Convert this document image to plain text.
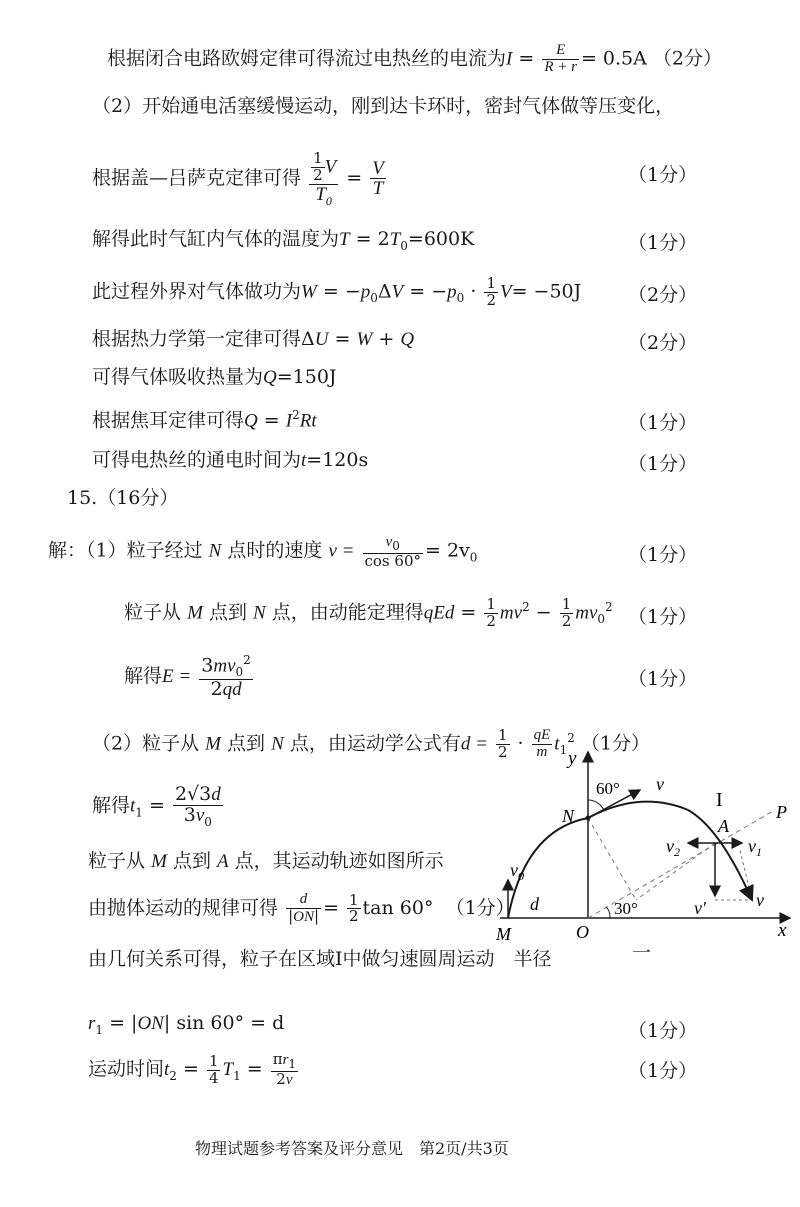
根据闭合电路欧姆定律可得流过电热丝的电流为$I = \frac{E}{R + r} = 0.5A$ （2分）
（2）开始通电活塞缓慢运动，刚到达卡环时，密封气体做等压变化，
根据盖—吕萨克定律可得 $\frac{\frac{1}{2} V}{T_0} = \frac{V}{T}$	（1分）
解得此时气缸内气体的温度为$T = 2T_0=600K$	（1分）
此过程外界对气体做功为$W = -p_0\Delta V = -p_0 \cdot \frac{1}{2} V= -50J$ （2分）
根据热力学第一定律可得ΔU = W + Q	（2分）
可得气体吸收热量为Q=150J
根据焦耳定律可得$Q = I^2Rt$	（1分）
可得电热丝的通电时间为t=120s	（1分）
15.（16分）
解：（1）粒子经过 N 点时的速度 $v = \frac{v_0}{\cos 60^\circ} = 2v_0$	（1分）
粒子从 M 点到 N 点，由动能定理得qEd = $\frac{1}{2} mv^2 - \frac{1}{2} mv_0^2$ （1分）
解得$E = \frac{3mv_0^2}{2qd}$	（1分）
（2）粒子从 M 点到 N 点，由运动学公式有$d = \frac{1}{2} \cdot \frac{qE}{m} t_1^2$ （1分）
解得$t_1 = \frac{2√3d}{3v_0}$
粒子从 M 点到 A 点，其运动轨迹如图所示
由抛体运动的规律可得 $\frac{d}{|ON|} = \frac{1}{2}$ tan 60° （1分）
由几何关系可得，粒子在区域Ⅰ中做匀速圆周运动　半径	一
$r_1 = |ON|$ sin 60° = d	（1分）
运动时间$t_2 = \frac{1}{4} T_1 = \frac{\pi r_1}{2v}$	（1分）
y
x
O
M
N	A
P
I
60°
30°
v
$v_0$
d
$v_2$	$v_1$
v'	v
物理试题参考答案及评分意见　第2页/共3页
